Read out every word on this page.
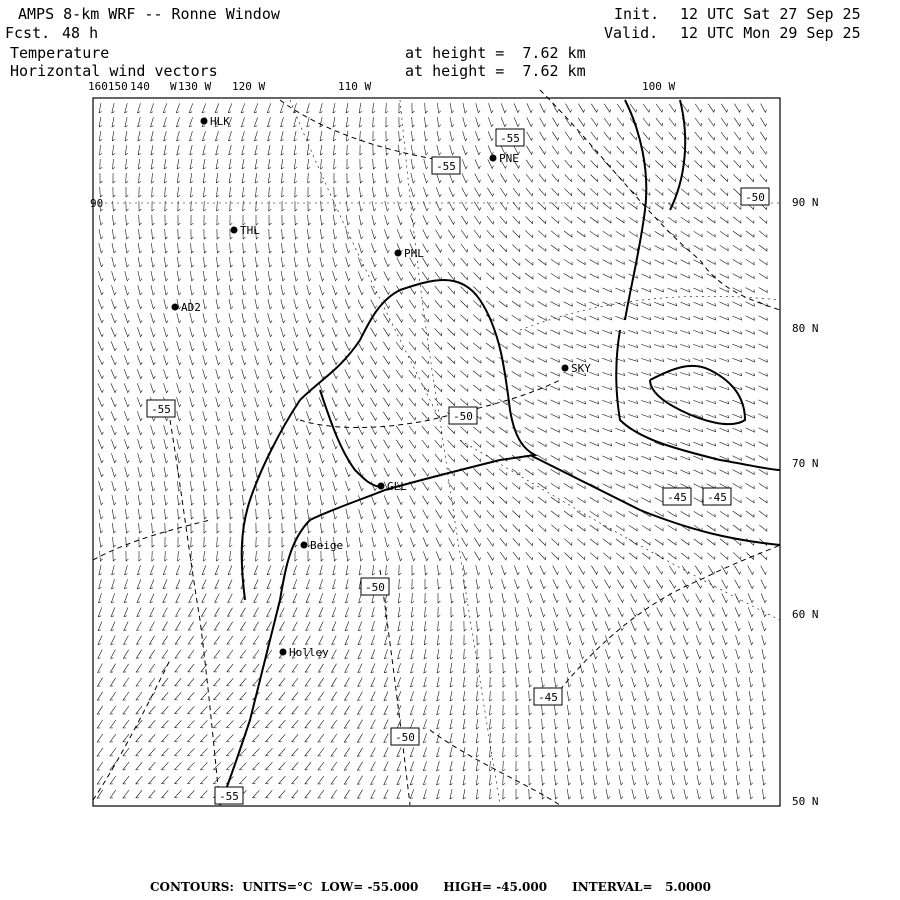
AMPS 8-km WRF -- Ronne Window
Fcst. 48 h
Temperature
Horizontal wind vectors
at height =  7.62 km
at height =  7.62 km
Init. 12 UTC Sat 27 Sep 25
Valid. 12 UTC Mon 29 Sep 25
HLK
PNE
THL
PHL
AD2
SKY
GLL
Beige
Holley
-55
-55
-50
-55
-50
-45 -45
-50
-45
-50
-55
160150 140 W 130 W 120 W	110 W	100 W
90	90 N
80 N
70 N
60 N
50 N
CONTOURS:  UNITS=°C  LOW= -55.000      HIGH= -45.000      INTERVAL=   5.0000
